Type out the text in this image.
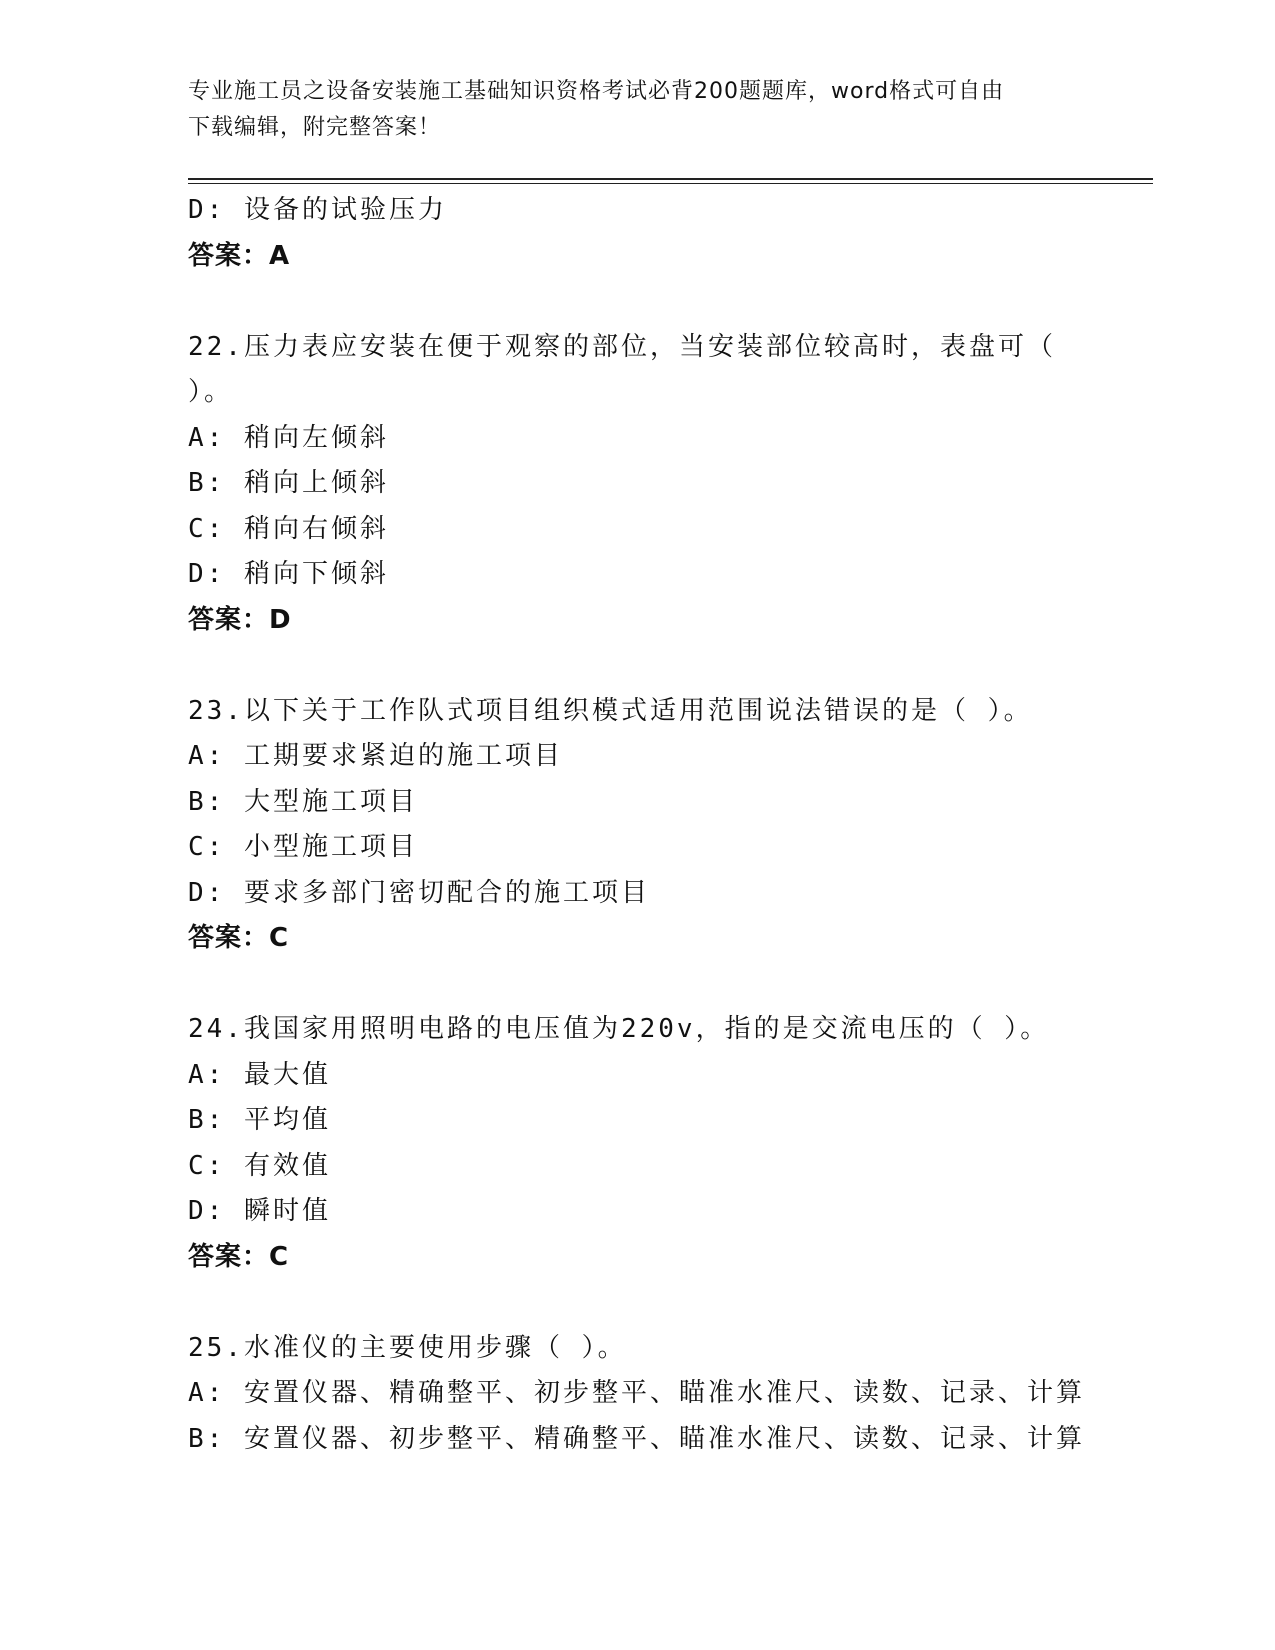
专业施工员之设备安装施工基础知识资格考试必背200题题库，word格式可自由
下载编辑，附完整答案！
D: 设备的试验压力
答案：A
22.压力表应安装在便于观察的部位，当安装部位较高时，表盘可（
）。
A: 稍向左倾斜
B: 稍向上倾斜
C: 稍向右倾斜
D: 稍向下倾斜
答案：D
23.以下关于工作队式项目组织模式适用范围说法错误的是（ ）。
A: 工期要求紧迫的施工项目
B: 大型施工项目
C: 小型施工项目
D: 要求多部门密切配合的施工项目
答案：C
24.我国家用照明电路的电压值为220v，指的是交流电压的（ ）。
A: 最大值
B: 平均值
C: 有效值
D: 瞬时值
答案：C
25.水准仪的主要使用步骤（ ）。
A: 安置仪器、精确整平、初步整平、瞄准水准尺、读数、记录、计算
B: 安置仪器、初步整平、精确整平、瞄准水准尺、读数、记录、计算
